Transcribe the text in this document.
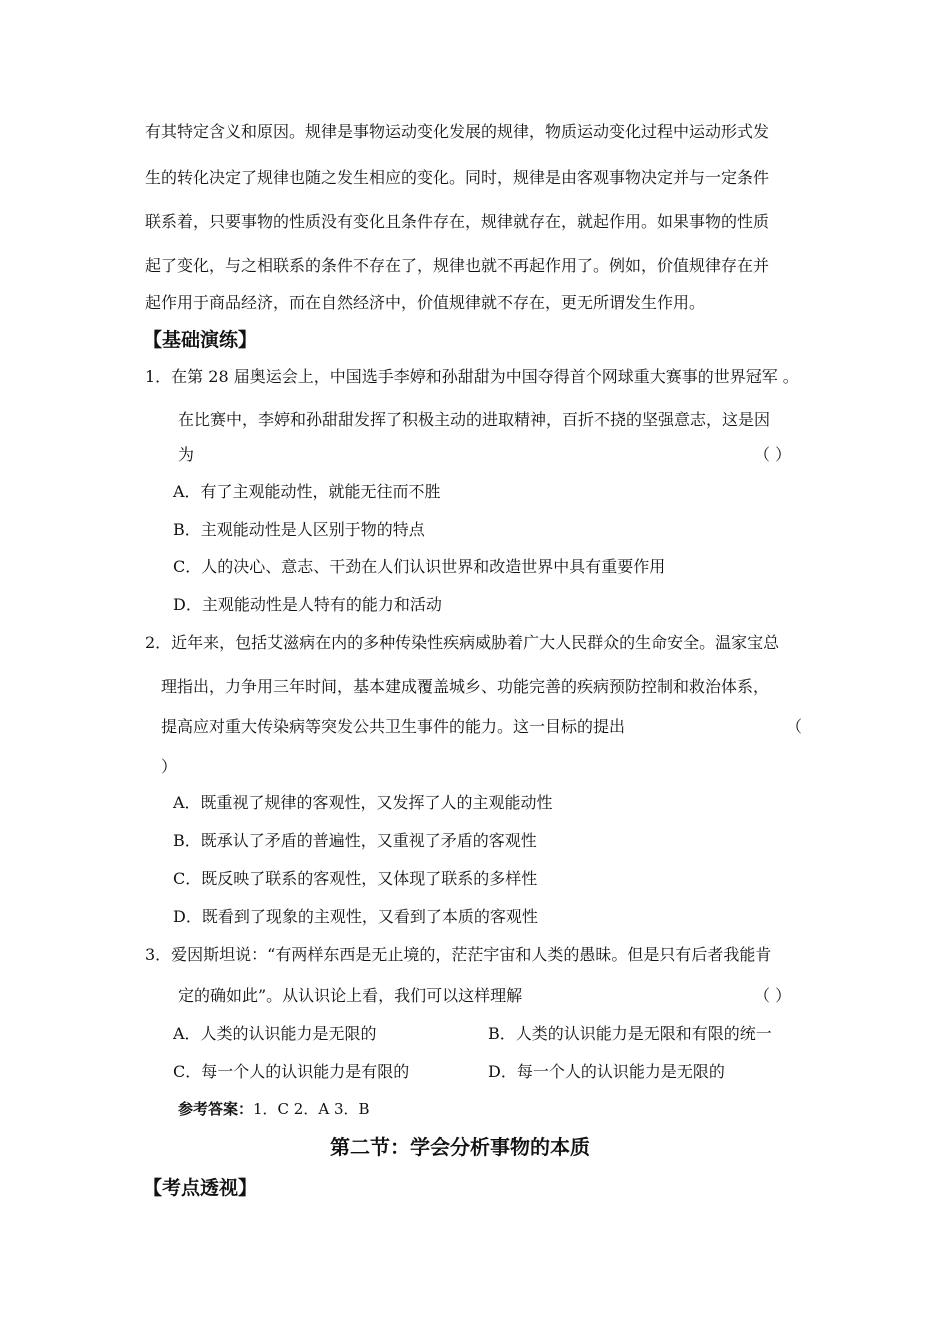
有其特定含义和原因。规律是事物运动变化发展的规律，物质运动变化过程中运动形式发
生的转化决定了规律也随之发生相应的变化。同时，规律是由客观事物决定并与一定条件
联系着，只要事物的性质没有变化且条件存在，规律就存在，就起作用。如果事物的性质
起了变化，与之相联系的条件不存在了，规律也就不再起作用了。例如，价值规律存在并
起作用于商品经济，而在自然经济中，价值规律就不存在，更无所谓发生作用。
【基础演练】
1．在第 28 届奥运会上，中国选手李婷和孙甜甜为中国夺得首个网球重大赛事的世界冠军 。
在比赛中，李婷和孙甜甜发挥了积极主动的进取精神，百折不挠的坚强意志，这是因
为	（ ）
A．有了主观能动性，就能无往而不胜
B．主观能动性是人区别于物的特点
C．人的决心、意志、干劲在人们认识世界和改造世界中具有重要作用
D．主观能动性是人特有的能力和活动
2．近年来，包括艾滋病在内的多种传染性疾病威胁着广大人民群众的生命安全。温家宝总
理指出，力争用三年时间，基本建成覆盖城乡、功能完善的疾病预防控制和救治体系，
提高应对重大传染病等突发公共卫生事件的能力。这一目标的提出	（
）
A．既重视了规律的客观性，又发挥了人的主观能动性
B．既承认了矛盾的普遍性，又重视了矛盾的客观性
C．既反映了联系的客观性，又体现了联系的多样性
D．既看到了现象的主观性，又看到了本质的客观性
3．爱因斯坦说：“有两样东西是无止境的，茫茫宇宙和人类的愚昧。但是只有后者我能肯
定的确如此”。从认识论上看，我们可以这样理解	（ ）
A．人类的认识能力是无限的	B．人类的认识能力是无限和有限的统一
C．每一个人的认识能力是有限的	D．每一个人的认识能力是无限的
参考答案：1．C 2．A 3．B
第二节：学会分析事物的本质
【考点透视】
